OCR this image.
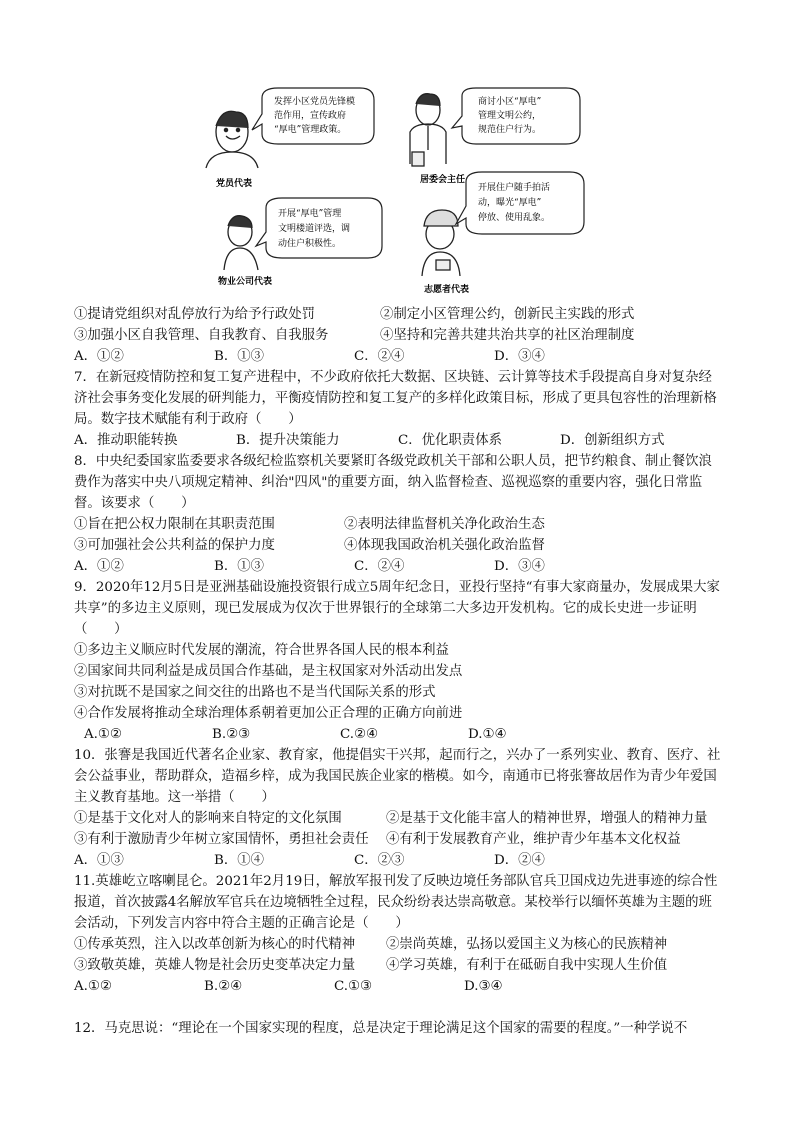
发挥小区党员先锋模
范作用，宣传政府
“厚电”管理政策。
党员代表
商讨小区“厚电”
管理文明公约，
规范住户行为。
居委会主任
开展“厚电”管理
文明楼道评选，调
动住户积极性。
物业公司代表
开展住户随手拍活
动，曝光“厚电”
停放、使用乱象。
志愿者代表
①提请党组织对乱停放行为给予行政处罚	②制定小区管理公约，创新民主实践的形式
③加强小区自我管理、自我教育、自我服务	④坚持和完善共建共治共享的社区治理制度
A．①②	B．①③	C．②④	D．③④
7．在新冠疫情防控和复工复产进程中，不少政府依托大数据、区块链、云计算等技术手段提高自身对复杂经济社会事务变化发展的研判能力，平衡疫情防控和复工复产的多样化政策目标，形成了更具包容性的治理新格局。数字技术赋能有利于政府（　　）
A．推动职能转换	B．提升决策能力	C．优化职责体系	D．创新组织方式
8．中央纪委国家监委要求各级纪检监察机关要紧盯各级党政机关干部和公职人员，把节约粮食、制止餐饮浪费作为落实中央八项规定精神、纠治"四风"的重要方面，纳入监督检查、巡视巡察的重要内容，强化日常监督。该要求（　　）
①旨在把公权力限制在其职责范围	②表明法律监督机关净化政治生态
③可加强社会公共利益的保护力度	④体现我国政治机关强化政治监督
A．①②	B．①③	C．②④	D．③④
9．2020年12月5日是亚洲基础设施投资银行成立5周年纪念日，亚投行坚持“有事大家商量办，发展成果大家共享”的多边主义原则，现已发展成为仅次于世界银行的全球第二大多边开发机构。它的成长史进一步证明（　　）
①多边主义顺应时代发展的潮流，符合世界各国人民的根本利益
②国家间共同利益是成员国合作基础，是主权国家对外活动出发点
③对抗既不是国家之间交往的出路也不是当代国际关系的形式
④合作发展将推动全球治理体系朝着更加公正合理的正确方向前进
A.①②	B.②③	C.②④	D.①④
10．张謇是我国近代著名企业家、教育家，他提倡实干兴邦，起而行之，兴办了一系列实业、教育、医疗、社会公益事业，帮助群众，造福乡梓，成为我国民族企业家的楷模。如今，南通市已将张謇故居作为青少年爱国主义教育基地。这一举措（　　）
①是基于文化对人的影响来自特定的文化氛围	②是基于文化能丰富人的精神世界，增强人的精神力量
③有利于激励青少年树立家国情怀，勇担社会责任	④有利于发展教育产业，维护青少年基本文化权益
A．①③	B．①④	C．②③	D．②④
11.英雄屹立喀喇昆仑。2021年2月19日，解放军报刊发了反映边境任务部队官兵卫国戍边先进事迹的综合性报道，首次披露4名解放军官兵在边境牺牲全过程，民众纷纷表达崇高敬意。某校举行以缅怀英雄为主题的班会活动，下列发言内容中符合主题的正确言论是（　　）
①传承英烈，注入以改革创新为核心的时代精神	②崇尚英雄，弘扬以爱国主义为核心的民族精神
③致敬英雄，英雄人物是社会历史变革决定力量	④学习英雄，有利于在砥砺自我中实现人生价值
A.①②	B.②④	C.①③	D.③④
12．马克思说：“理论在一个国家实现的程度，总是决定于理论满足这个国家的需要的程度。”一种学说不
